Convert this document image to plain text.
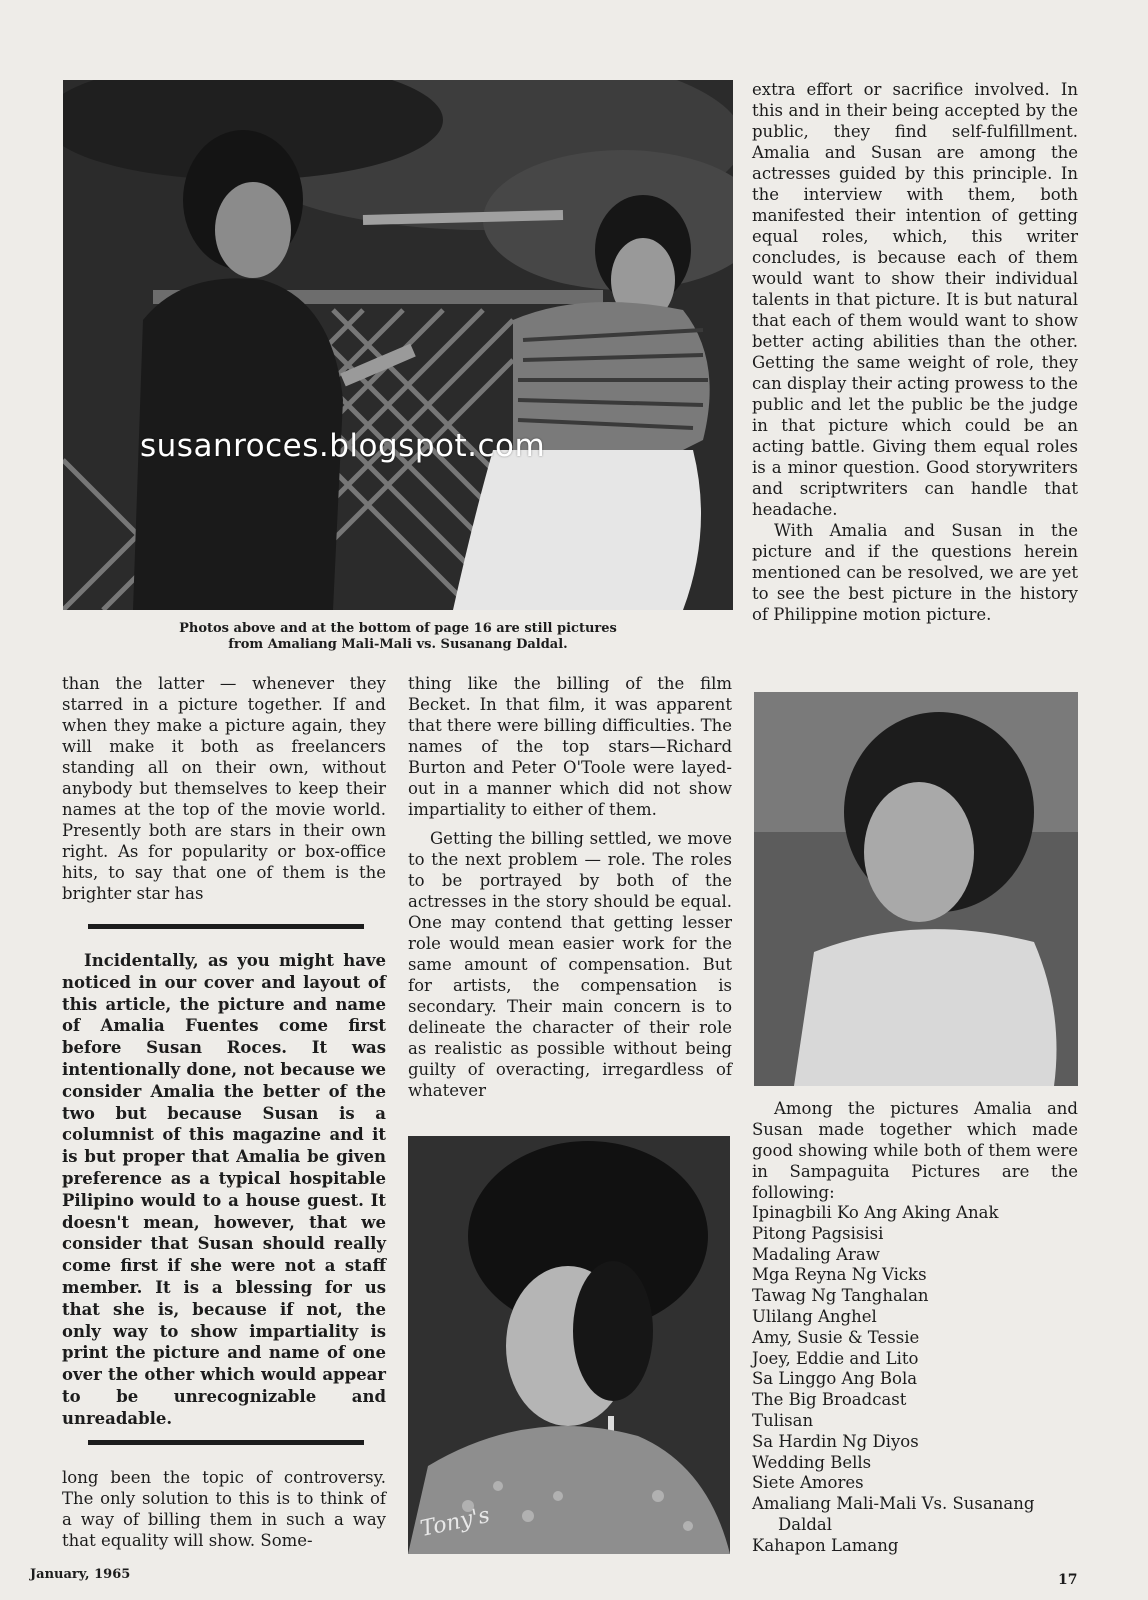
susanroces.blogspot.com
Photos above and at the bottom of page 16 are still pictures
from Amaliang Mali-Mali vs. Susanang Daldal.

than the latter — whenever they starred in a picture together. If and when they make a picture again, they will make it both as freelancers standing all on their own, without anybody but themselves to keep their names at the top of the movie world. Presently both are stars in their own right. As for popularity or box-office hits, to say that one of them is the brighter star has

Incidentally, as you might have noticed in our cover and layout of this article, the picture and name of Amalia Fuentes come first before Susan Roces. It was intentionally done, not because we consider Amalia the better of the two but because Susan is a columnist of this magazine and it is but proper that Amalia be given preference as a typical hospitable Pilipino would to a house guest. It doesn't mean, however, that we consider that Susan should really come first if she were not a staff member. It is a blessing for us that she is, because if not, the only way to show impartiality is print the picture and name of one over the other which would appear to be unrecognizable and unreadable.

long been the topic of controversy. The only solution to this is to think of a way of billing them in such a way that equality will show. Some-

thing like the billing of the film Becket. In that film, it was apparent that there were billing difficulties. The names of the top stars—Richard Burton and Peter O'Toole were layed-out in a manner which did not show impartiality to either of them.

Getting the billing settled, we move to the next problem — role. The roles to be portrayed by both of the actresses in the story should be equal. One may contend that getting lesser role would mean easier work for the same amount of compensation. But for artists, the compensation is secondary. Their main concern is to delineate the character of their role as realistic as possible without being guilty of overacting, irregardless of whatever

Tony's

extra effort or sacrifice involved. In this and in their being accepted by the public, they find self-fulfillment. Amalia and Susan are among the actresses guided by this principle. In the interview with them, both manifested their intention of getting equal roles, which, this writer concludes, is because each of them would want to show their individual talents in that picture. It is but natural that each of them would want to show better acting abilities than the other. Getting the same weight of role, they can display their acting prowess to the public and let the public be the judge in that picture which could be an acting battle. Giving them equal roles is a minor question. Good storywriters and scriptwriters can handle that headache.

With Amalia and Susan in the picture and if the questions herein mentioned can be resolved, we are yet to see the best picture in the history of Philippine motion picture.

Among the pictures Amalia and Susan made together which made good showing while both of them were in Sampaguita Pictures are the following:

Ipinagbili Ko Ang Aking Anak
Pitong Pagsisisi
Madaling Araw
Mga Reyna Ng Vicks
Tawag Ng Tanghalan
Ulilang Anghel
Amy, Susie & Tessie
Joey, Eddie and Lito
Sa Linggo Ang Bola
The Big Broadcast
Tulisan
Sa Hardin Ng Diyos
Wedding Bells
Siete Amores
Amaliang Mali-Mali Vs. Susanang Daldal
Kahapon Lamang
January, 1965	17
